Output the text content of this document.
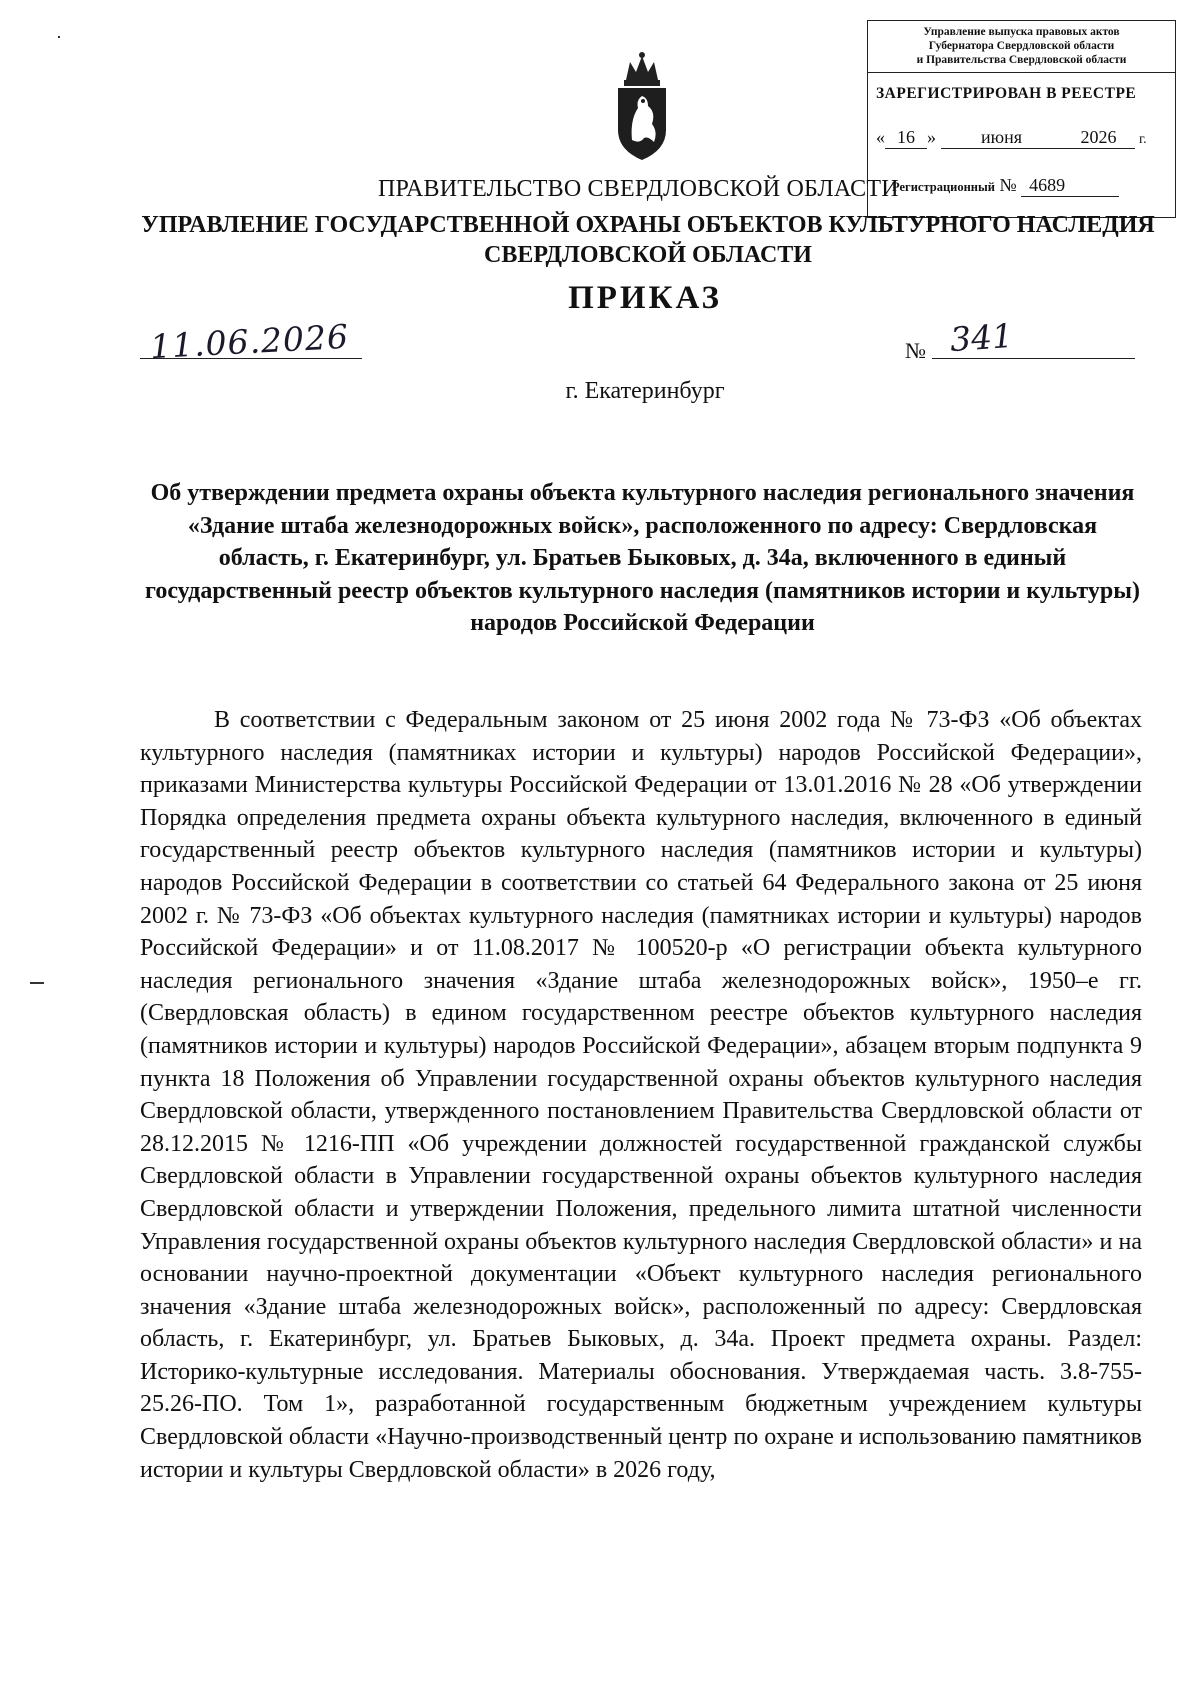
Управление выпуска правовых актов
Губернатора Свердловской области
и Правительства Свердловской области
ЗАРЕГИСТРИРОВАН В РЕЕСТРЕ
« 16 »	июня	2026 г.
Регистрационный № 4689
ПРАВИТЕЛЬСТВО СВЕРДЛОВСКОЙ ОБЛАСТИ
УПРАВЛЕНИЕ ГОСУДАРСТВЕННОЙ ОХРАНЫ ОБЪЕКТОВ КУЛЬТУРНОГО НАСЛЕДИЯ
СВЕРДЛОВСКОЙ ОБЛАСТИ
ПРИКАЗ
11.06.2026	№ 341
г. Екатеринбург
Об утверждении предмета охраны объекта культурного наследия регионального значения «Здание штаба железнодорожных войск», расположенного по адресу: Свердловская область, г. Екатеринбург, ул. Братьев Быковых, д. 34а, включенного в единый государственный реестр объектов культурного наследия (памятников истории и культуры) народов Российской Федерации
В соответствии с Федеральным законом от 25 июня 2002 года № 73-ФЗ «Об объектах культурного наследия (памятниках истории и культуры) народов Российской Федерации», приказами Министерства культуры Российской Федерации от 13.01.2016 № 28 «Об утверждении Порядка определения предмета охраны объекта культурного наследия, включенного в единый государственный реестр объектов культурного наследия (памятников истории и культуры) народов Российской Федерации в соответствии со статьей 64 Федерального закона от 25 июня 2002 г. № 73-ФЗ «Об объектах культурного наследия (памятниках истории и культуры) народов Российской Федерации» и от 11.08.2017 № 100520-р «О регистрации объекта культурного наследия регионального значения «Здание штаба железнодорожных войск», 1950–е гг. (Свердловская область) в едином государственном реестре объектов культурного наследия (памятников истории и культуры) народов Российской Федерации», абзацем вторым подпункта 9 пункта 18 Положения об Управлении государственной охраны объектов культурного наследия Свердловской области, утвержденного постановлением Правительства Свердловской области от 28.12.2015 № 1216-ПП «Об учреждении должностей государственной гражданской службы Свердловской области в Управлении государственной охраны объектов культурного наследия Свердловской области и утверждении Положения, предельного лимита штатной численности Управления государственной охраны объектов культурного наследия Свердловской области» и на основании научно-проектной документации «Объект культурного наследия регионального значения «Здание штаба железнодорожных войск», расположенный по адресу: Свердловская область, г. Екатеринбург, ул. Братьев Быковых, д. 34а. Проект предмета охраны. Раздел: Историко-культурные исследования. Материалы обоснования. Утверждаемая часть. 3.8-755-25.26-ПО. Том 1», разработанной государственным бюджетным учреждением культуры Свердловской области «Научно-производственный центр по охране и использованию памятников истории и культуры Свердловской области» в 2026 году,
